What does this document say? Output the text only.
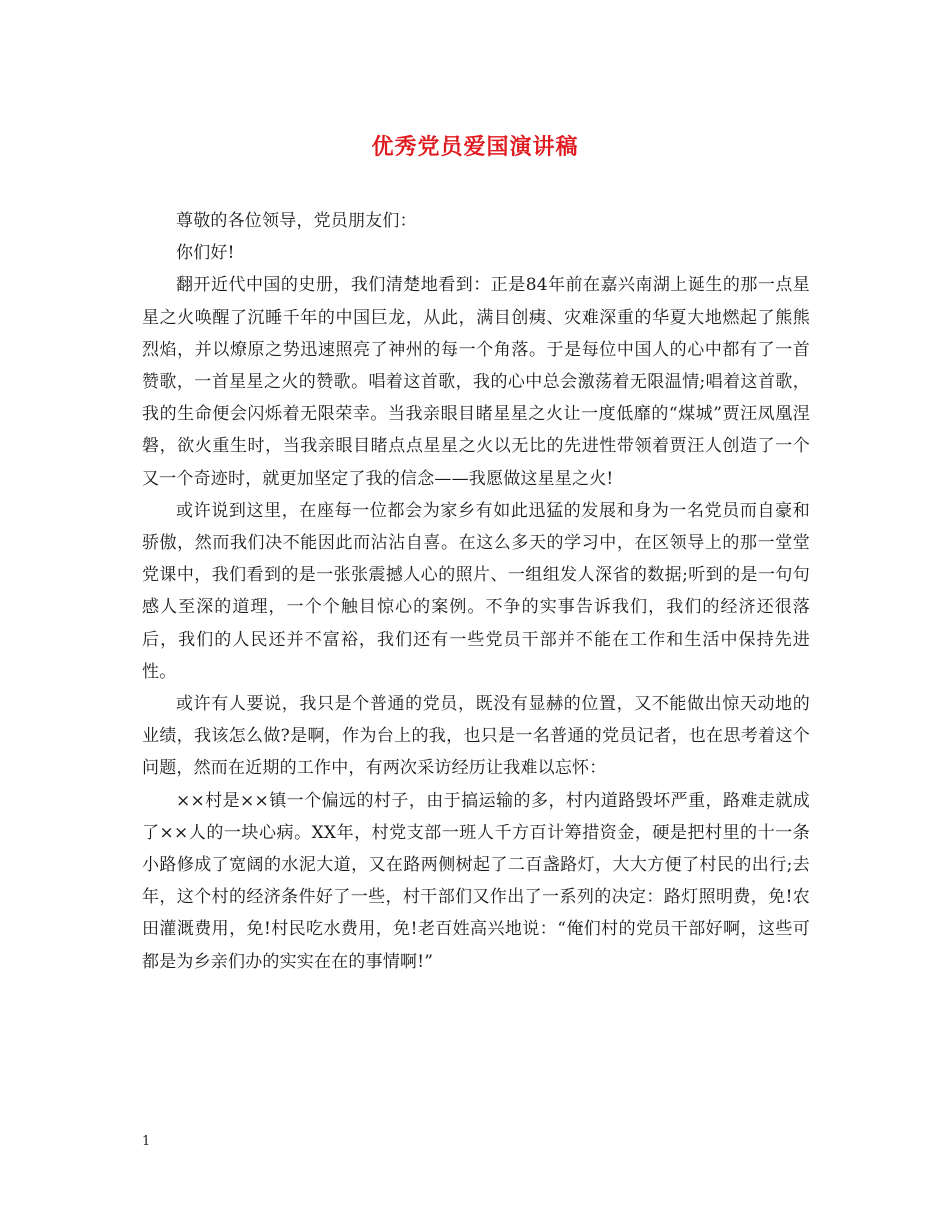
优秀党员爱国演讲稿

尊敬的各位领导，党员朋友们：

你们好!

翻开近代中国的史册，我们清楚地看到：正是84年前在嘉兴南湖上诞生的那一点星星之火唤醒了沉睡千年的中国巨龙，从此，满目创痍、灾难深重的华夏大地燃起了熊熊烈焰，并以燎原之势迅速照亮了神州的每一个角落。于是每位中国人的心中都有了一首赞歌，一首星星之火的赞歌。唱着这首歌，我的心中总会激荡着无限温情;唱着这首歌，我的生命便会闪烁着无限荣幸。当我亲眼目睹星星之火让一度低靡的“煤城”贾汪凤凰涅磐，欲火重生时，当我亲眼目睹点点星星之火以无比的先进性带领着贾汪人创造了一个又一个奇迹时，就更加坚定了我的信念——我愿做这星星之火!

或许说到这里，在座每一位都会为家乡有如此迅猛的发展和身为一名党员而自豪和骄傲，然而我们决不能因此而沾沾自喜。在这么多天的学习中，在区领导上的那一堂堂党课中，我们看到的是一张张震撼人心的照片、一组组发人深省的数据;听到的是一句句感人至深的道理，一个个触目惊心的案例。不争的实事告诉我们，我们的经济还很落后，我们的人民还并不富裕，我们还有一些党员干部并不能在工作和生活中保持先进性。

或许有人要说，我只是个普通的党员，既没有显赫的位置，又不能做出惊天动地的业绩，我该怎么做?是啊，作为台上的我，也只是一名普通的党员记者，也在思考着这个问题，然而在近期的工作中，有两次采访经历让我难以忘怀：

××村是××镇一个偏远的村子，由于搞运输的多，村内道路毁坏严重，路难走就成了××人的一块心病。XX年，村党支部一班人千方百计筹措资金，硬是把村里的十一条小路修成了宽阔的水泥大道，又在路两侧树起了二百盏路灯，大大方便了村民的出行;去年，这个村的经济条件好了一些，村干部们又作出了一系列的决定：路灯照明费，免!农田灌溉费用，免!村民吃水费用，免!老百姓高兴地说：“俺们村的党员干部好啊，这些可都是为乡亲们办的实实在在的事情啊!”

1
